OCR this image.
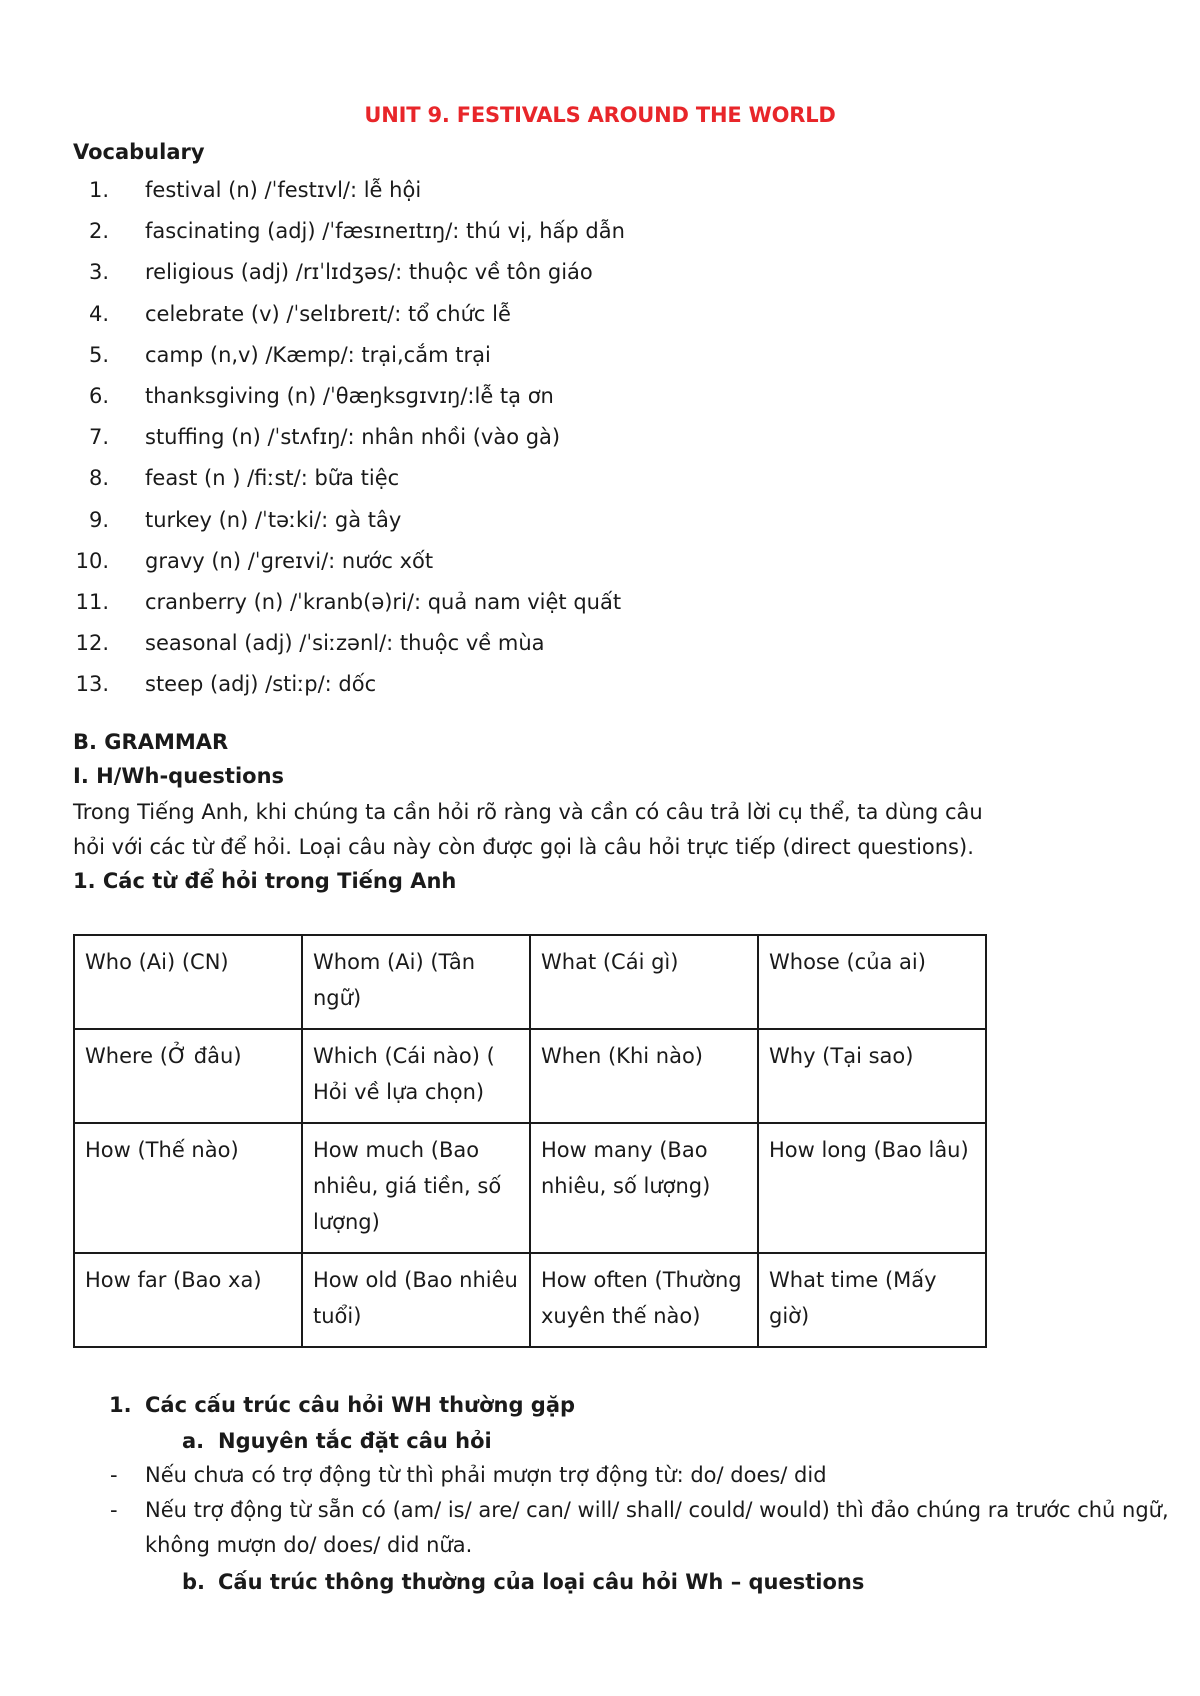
UNIT 9. FESTIVALS AROUND THE WORLD
Vocabulary
1. festival (n) /ˈfestɪvl/: lễ hội
2. fascinating (adj) /ˈfæsɪneɪtɪŋ/: thú vị, hấp dẫn
3. religious (adj) /rɪˈlɪdʒəs/: thuộc về tôn giáo
4. celebrate (v) /ˈselɪbreɪt/: tổ chức lễ
5. camp (n,v) /Kæmp/: trại,cắm trại
6. thanksgiving (n) /ˈθæŋksɡɪvɪŋ/:lễ tạ ơn
7. stuffing (n) /ˈstʌfɪŋ/: nhân nhồi (vào gà)
8. feast (n ) /fiːst/: bữa tiệc
9. turkey (n) /ˈtəːki/: gà tây
10. gravy (n) /ˈɡreɪvi/: nước xốt
11. cranberry (n) /ˈkranb(ə)ri/: quả nam việt quất
12. seasonal (adj) /ˈsiːzənl/: thuộc về mùa
13. steep (adj) /stiːp/: dốc
B. GRAMMAR
I. H/Wh-questions
Trong Tiếng Anh, khi chúng ta cần hỏi rõ ràng và cần có câu trả lời cụ thể, ta dùng câu
hỏi với các từ để hỏi. Loại câu này còn được gọi là câu hỏi trực tiếp (direct questions).
1. Các từ để hỏi trong Tiếng Anh
Who (Ai) (CN)	Whom (Ai) (Tân ngữ)	What (Cái gì)	Whose (của ai)
Where (Ở đâu)	Which (Cái nào) ( Hỏi về lựa chọn)	When (Khi nào)	Why (Tại sao)
How (Thế nào)	How much (Bao nhiêu, giá tiền, số lượng)	How many (Bao nhiêu, số lượng)	How long (Bao lâu)
How far (Bao xa)	How old (Bao nhiêu tuổi)	How often (Thường xuyên thế nào)	What time (Mấy giờ)
1. Các cấu trúc câu hỏi WH thường gặp
a. Nguyên tắc đặt câu hỏi
- Nếu chưa có trợ động từ thì phải mượn trợ động từ: do/ does/ did
- Nếu trợ động từ sẵn có (am/ is/ are/ can/ will/ shall/ could/ would) thì đảo chúng ra trước chủ ngữ,
không mượn do/ does/ did nữa.
b. Cấu trúc thông thường của loại câu hỏi Wh – questions
